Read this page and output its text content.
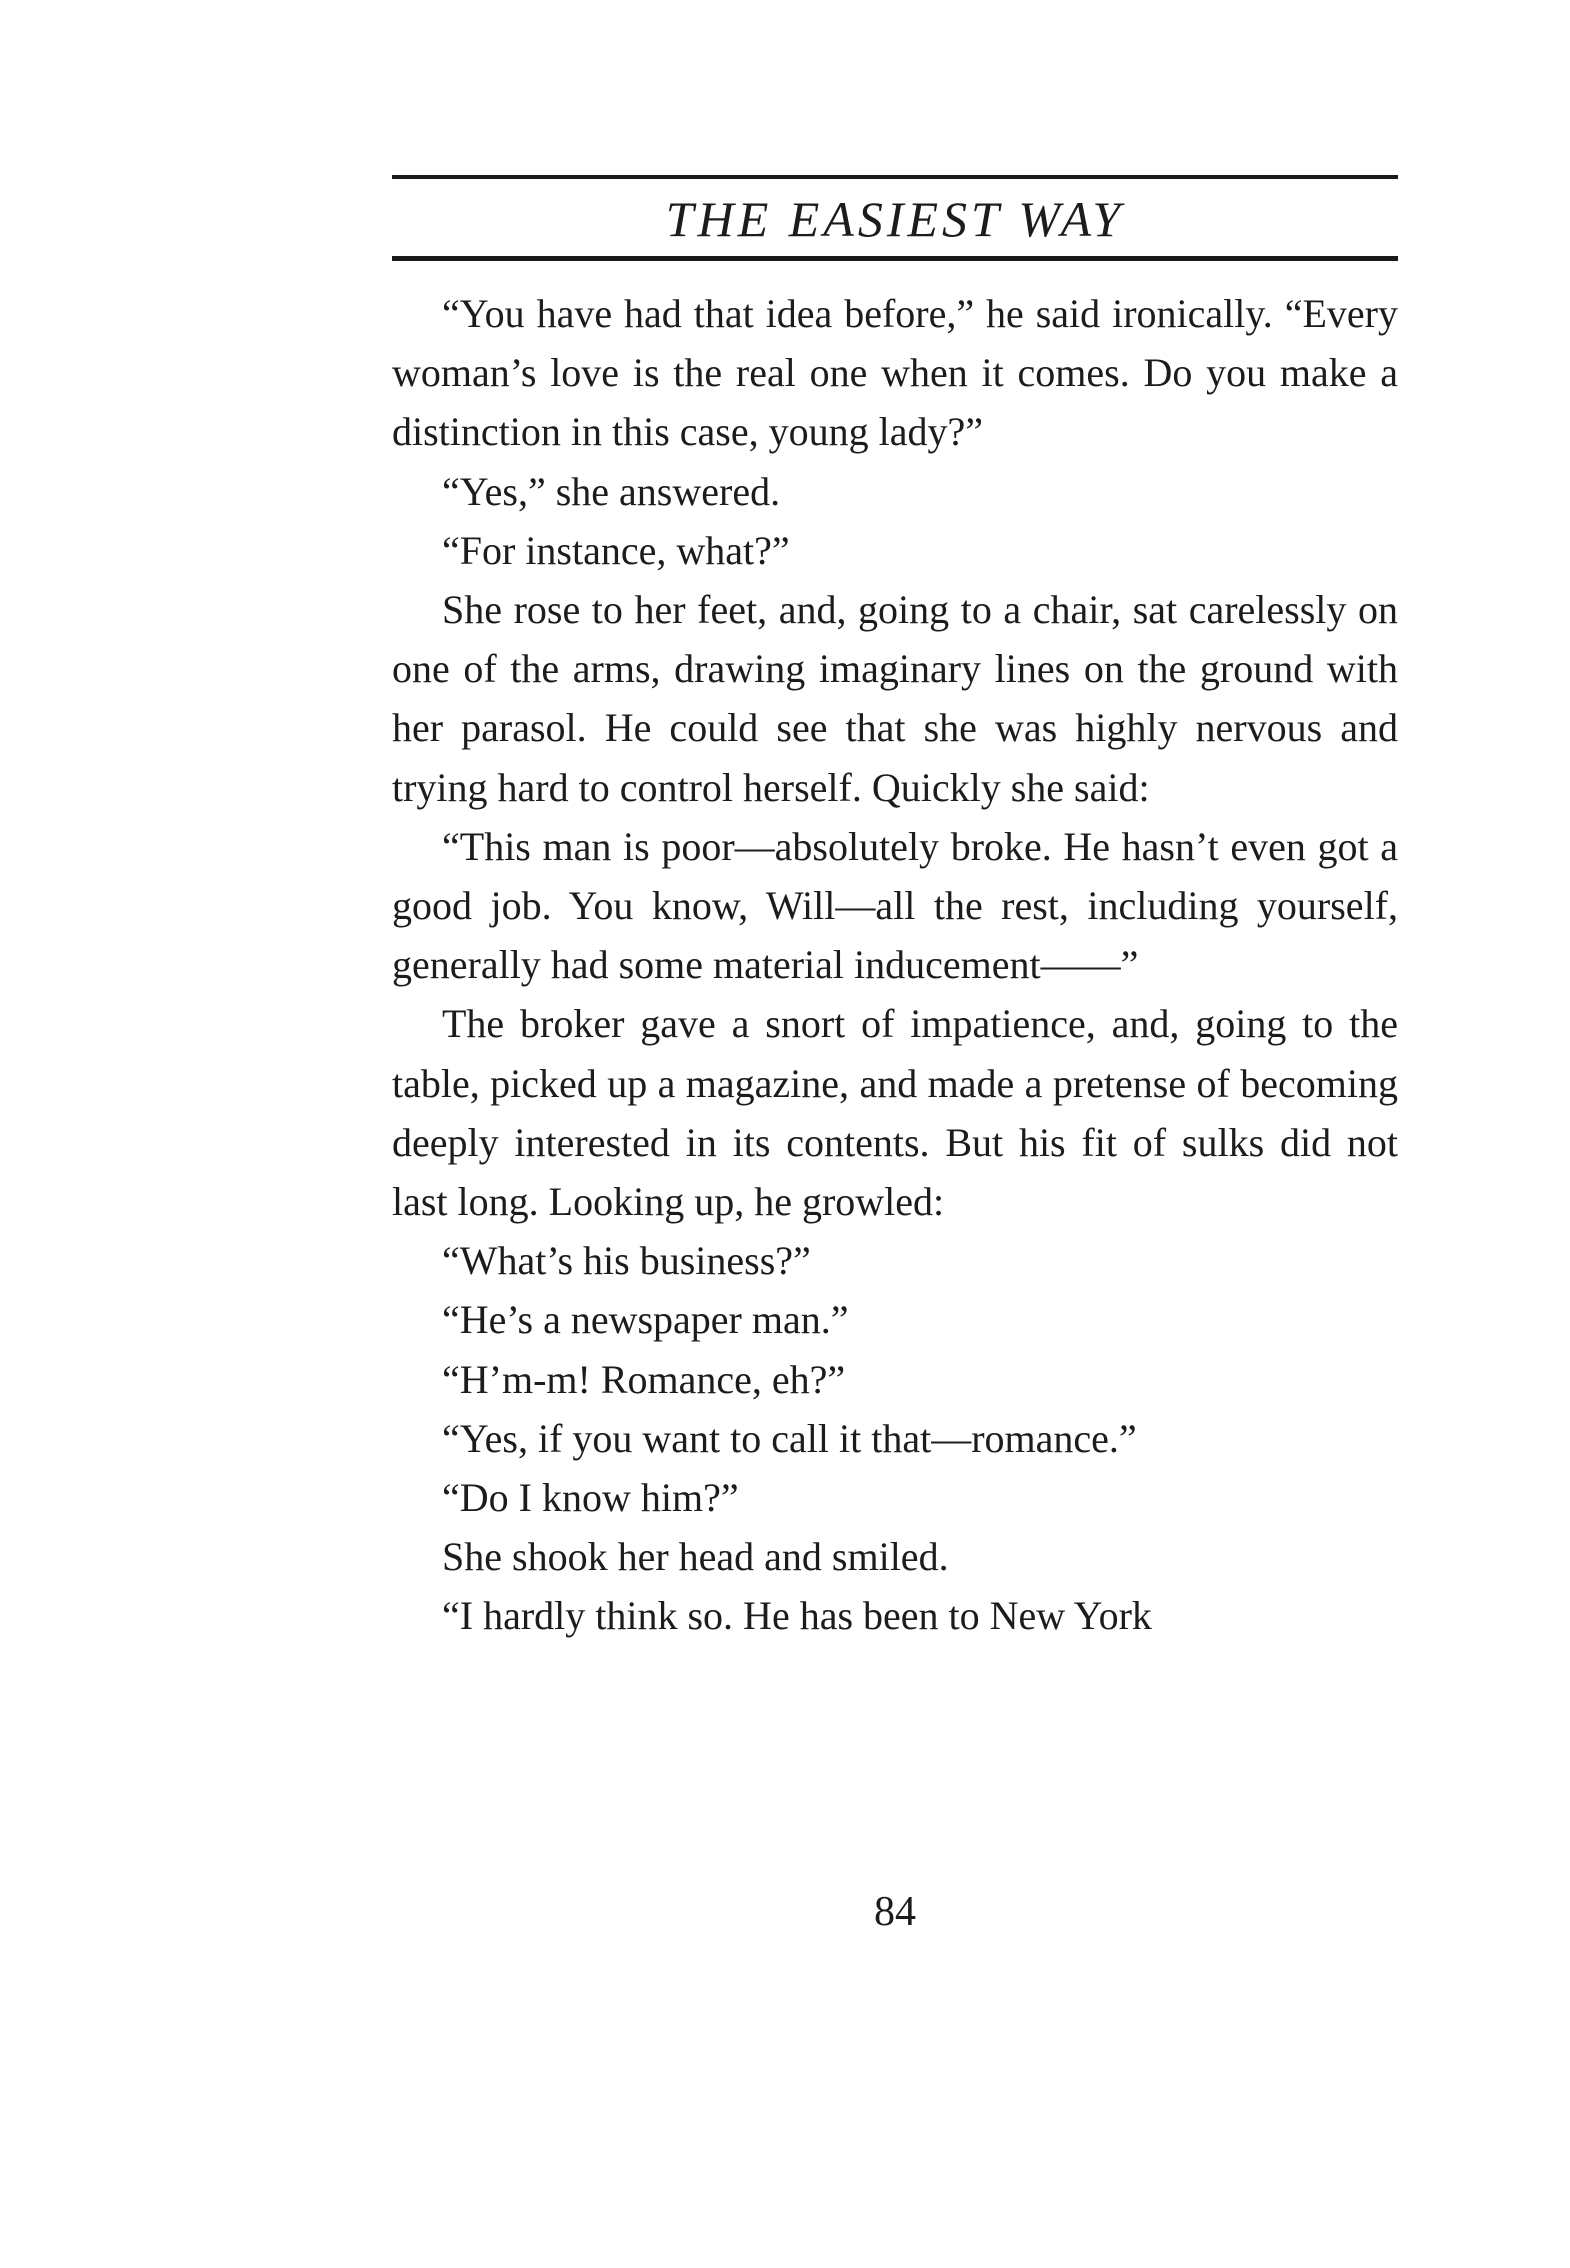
THE EASIEST WAY

“You have had that idea before,” he said ironically. “Every woman’s love is the real one when it comes. Do you make a distinction in this case, young lady?”

“Yes,” she answered.

“For instance, what?”

She rose to her feet, and, going to a chair, sat carelessly on one of the arms, drawing imaginary lines on the ground with her parasol. He could see that she was highly nervous and trying hard to control herself. Quickly she said:

“This man is poor—absolutely broke. He hasn’t even got a good job. You know, Will—all the rest, including yourself, generally had some material inducement——”

The broker gave a snort of impatience, and, going to the table, picked up a magazine, and made a pretense of becoming deeply interested in its contents. But his fit of sulks did not last long. Looking up, he growled:

“What’s his business?”

“He’s a newspaper man.”

“H’m-m! Romance, eh?”

“Yes, if you want to call it that—romance.”

“Do I know him?”

She shook her head and smiled.

“I hardly think so. He has been to New York

84
